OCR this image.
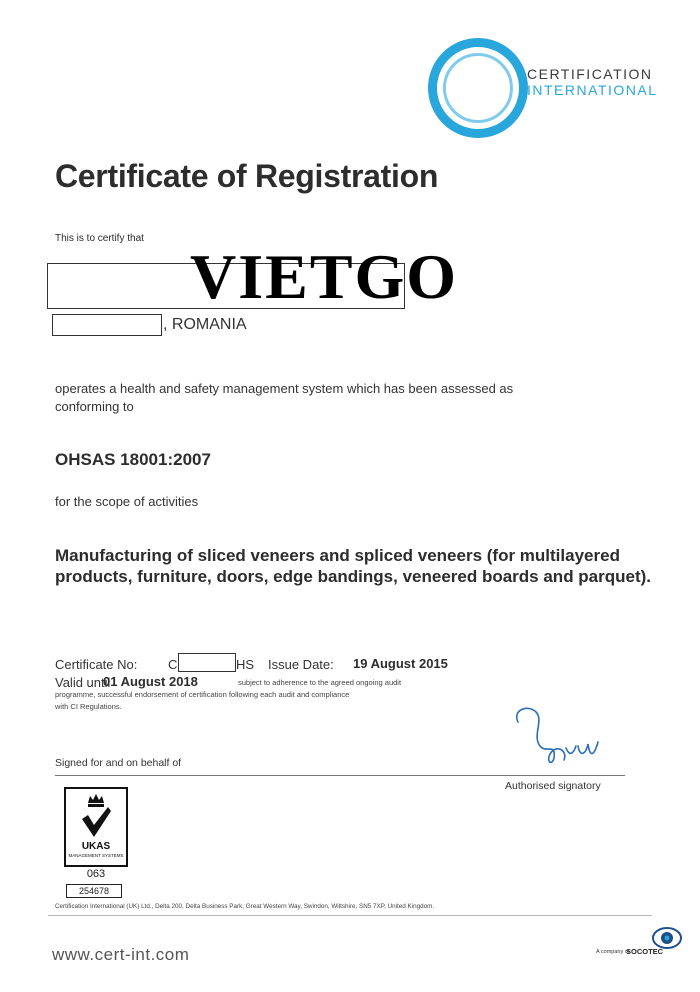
CERTIFICATION
INTERNATIONAL
Certificate of Registration
This is to certify that
VIETGO
, ROMANIA
operates a health and safety management system which has been assessed as conforming to
OHSAS 18001:2007
for the scope of activities
Manufacturing of sliced veneers and spliced veneers (for multilayered products, furniture, doors, edge bandings, veneered boards and parquet).
Certificate No: C	HS Issue Date: 19 August 2015
Valid until
01 August 2018	subject to adherence to the agreed ongoing audit
programme, successful endorsement of certification following each audit and compliance
with CI Regulations.
Signed for and on behalf of
Authorised signatory
UKAS
MANAGEMENT SYSTEMS
063
254678
Certification International (UK) Ltd., Delta 200, Delta Business Park, Great Western Way, Swindon, Wiltshire, SN5 7XP, United Kingdom.
www.cert-int.com	A company of
SOCOTEC
